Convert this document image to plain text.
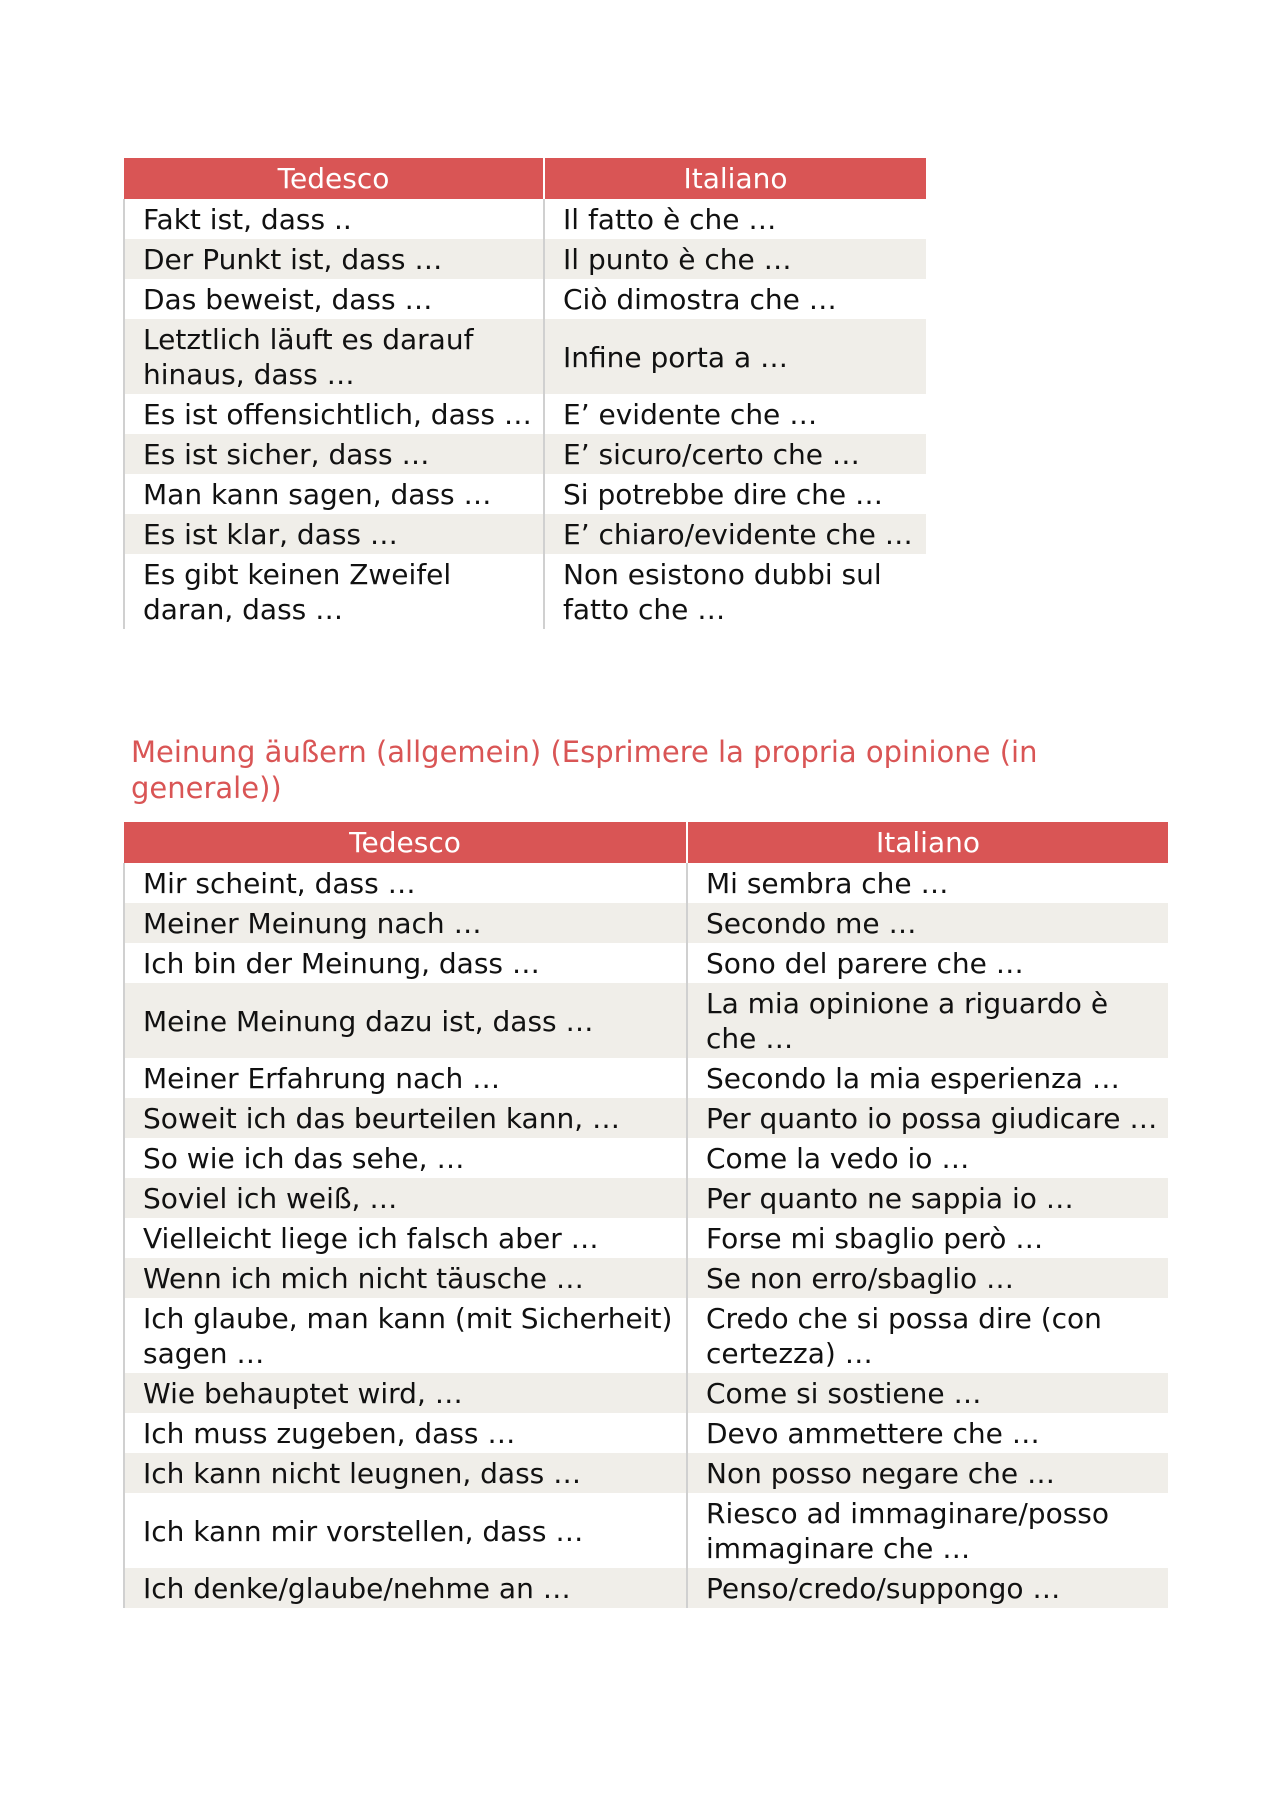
Tedesco	Italiano
Fakt ist, dass ..	Il fatto è che …
Der Punkt ist, dass …	Il punto è che …
Das beweist, dass …	Ciò dimostra che …
Letztlich läuft es darauf hinaus, dass …	Infine porta a …
Es ist offensichtlich, dass …	E’ evidente che …
Es ist sicher, dass …	E’ sicuro/certo che …
Man kann sagen, dass …	Si potrebbe dire che …
Es ist klar, dass …	E’ chiaro/evidente che …
Es gibt keinen Zweifel daran, dass …	Non esistono dubbi sul fatto che …
Meinung äußern (allgemein) (Esprimere la propria opinione (in generale))
Tedesco	Italiano
Mir scheint, dass …	Mi sembra che …
Meiner Meinung nach …	Secondo me …
Ich bin der Meinung, dass …	Sono del parere che …
Meine Meinung dazu ist, dass …	La mia opinione a riguardo è che …
Meiner Erfahrung nach …	Secondo la mia esperienza …
Soweit ich das beurteilen kann, …	Per quanto io possa giudicare …
So wie ich das sehe, …	Come la vedo io …
Soviel ich weiß, …	Per quanto ne sappia io …
Vielleicht liege ich falsch aber …	Forse mi sbaglio però …
Wenn ich mich nicht täusche …	Se non erro/sbaglio …
Ich glaube, man kann (mit Sicherheit) sagen …	Credo che si possa dire (con certezza) …
Wie behauptet wird, …	Come si sostiene …
Ich muss zugeben, dass …	Devo ammettere che …
Ich kann nicht leugnen, dass …	Non posso negare che …
Ich kann mir vorstellen, dass …	Riesco ad immaginare/posso immaginare che …
Ich denke/glaube/nehme an …	Penso/credo/suppongo …
